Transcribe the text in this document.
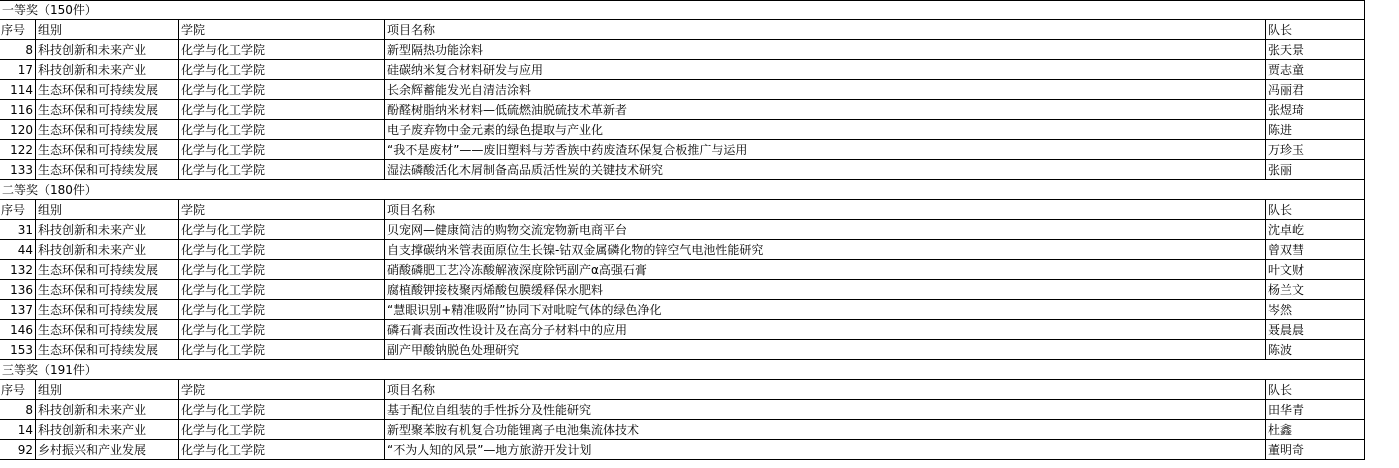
一等奖（150件）
序号	组别	学院	项目名称	队长
8 科技创新和未来产业	化学与化工学院	新型隔热功能涂料	张天景
17 科技创新和未来产业	化学与化工学院	硅碳纳米复合材料研发与应用	贾志童
114 生态环保和可持续发展	化学与化工学院	长余辉蓄能发光自清洁涂料	冯丽君
116 生态环保和可持续发展	化学与化工学院	酚醛树脂纳米材料—低硫燃油脱硫技术革新者	张煜琦
120 生态环保和可持续发展	化学与化工学院	电子废弃物中金元素的绿色提取与产业化	陈进
122 生态环保和可持续发展	化学与化工学院	“我不是废材”——废旧塑料与芳香族中药废渣环保复合板推广与运用	万珍玉
133 生态环保和可持续发展	化学与化工学院	湿法磷酸活化木屑制备高品质活性炭的关键技术研究	张丽
二等奖（180件）
序号	组别	学院	项目名称	队长
31 科技创新和未来产业	化学与化工学院	贝宠网—健康简洁的购物交流宠物新电商平台	沈卓屹
44 科技创新和未来产业	化学与化工学院	自支撑碳纳米管表面原位生长镍-钴双金属磷化物的锌空气电池性能研究	曾双彗
132 生态环保和可持续发展	化学与化工学院	硝酸磷肥工艺冷冻酸解液深度除钙副产α高强石膏	叶文财
136 生态环保和可持续发展	化学与化工学院	腐植酸钾接枝聚丙烯酸包膜缓释保水肥料	杨兰文
137 生态环保和可持续发展	化学与化工学院	“慧眼识别+精准吸附”协同下对吡啶气体的绿色净化	岑然
146 生态环保和可持续发展	化学与化工学院	磷石膏表面改性设计及在高分子材料中的应用	聂晨晨
153 生态环保和可持续发展	化学与化工学院	副产甲酸钠脱色处理研究	陈波
三等奖（191件）
序号	组别	学院	项目名称	队长
8 科技创新和未来产业	化学与化工学院	基于配位自组装的手性拆分及性能研究	田华青
14 科技创新和未来产业	化学与化工学院	新型聚苯胺有机复合功能锂离子电池集流体技术	杜鑫
92 乡村振兴和产业发展	化学与化工学院	“不为人知的风景”—地方旅游开发计划	董明奇
